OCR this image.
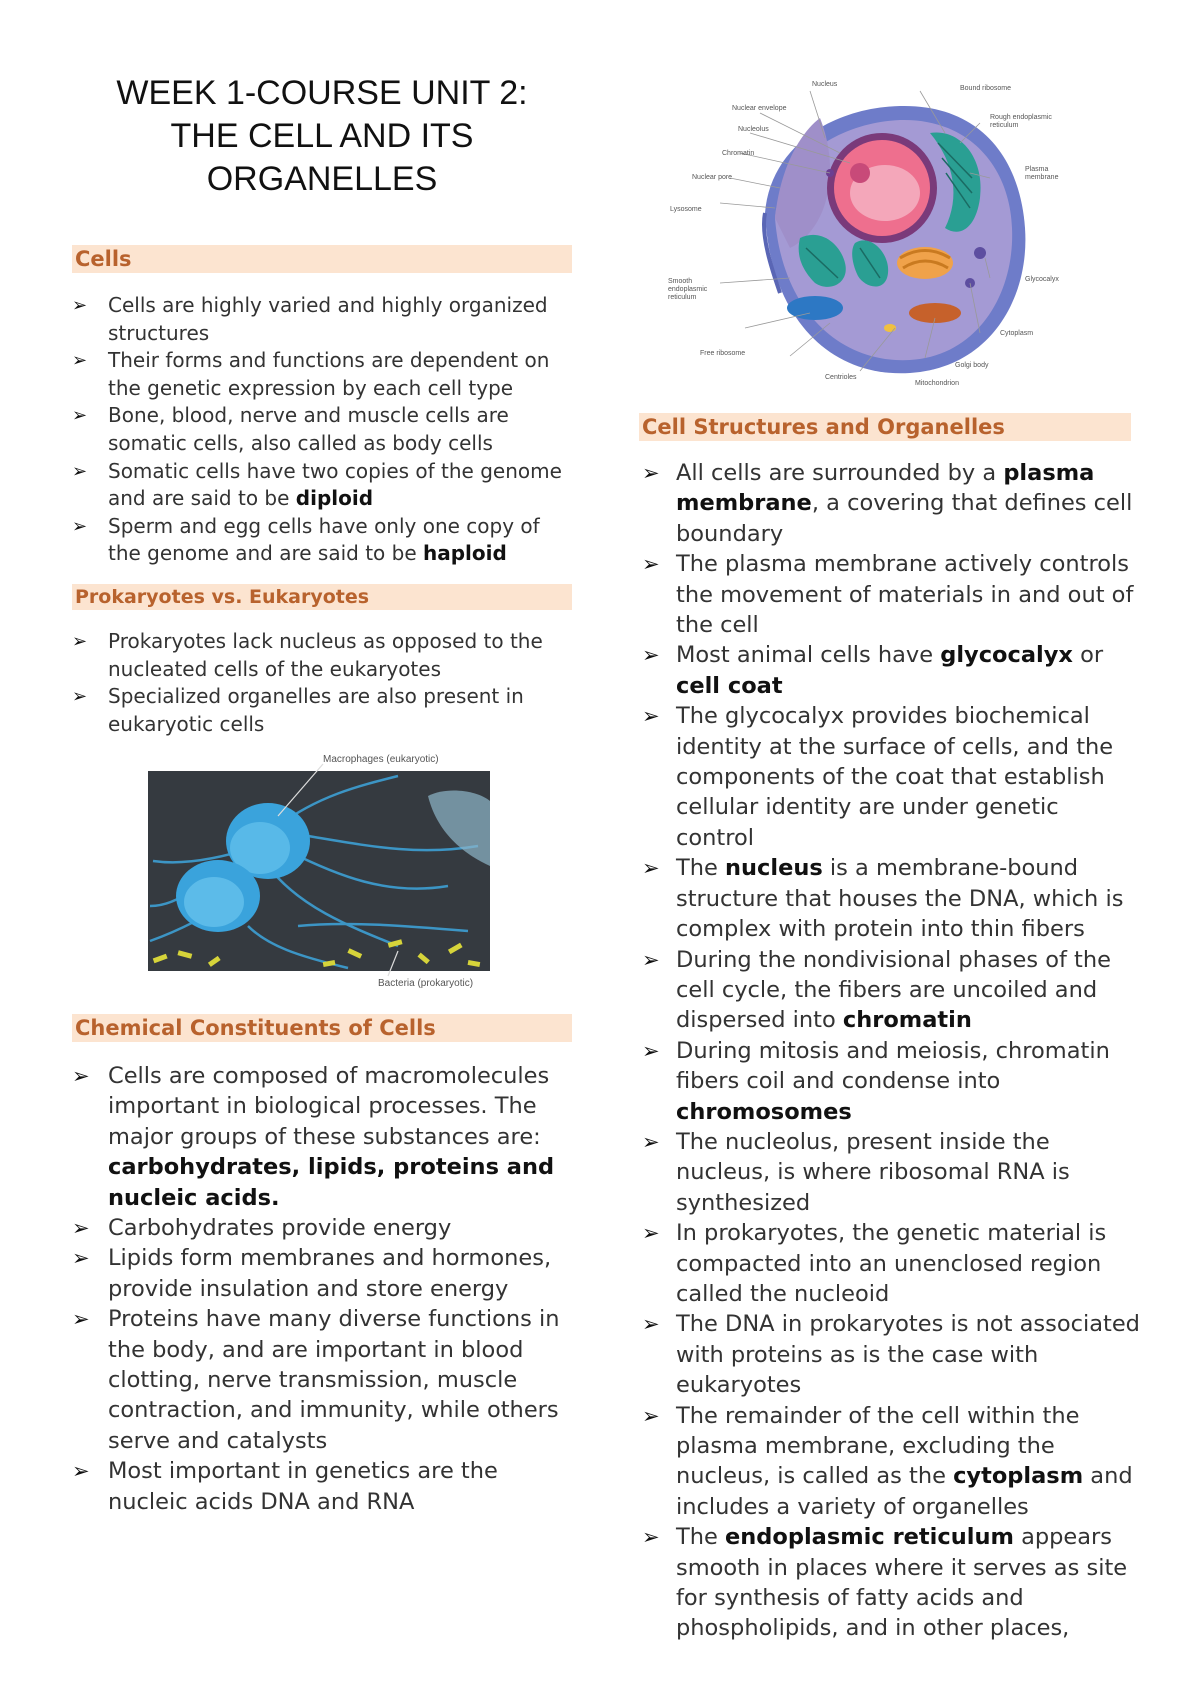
WEEK 1-COURSE UNIT 2:
THE CELL AND ITS
ORGANELLES
Cells
➢ Cells are highly varied and highly organized structures
➢ Their forms and functions are dependent on the genetic expression by each cell type
➢ Bone, blood, nerve and muscle cells are somatic cells, also called as body cells
➢ Somatic cells have two copies of the genome and are said to be diploid
➢ Sperm and egg cells have only one copy of the genome and are said to be haploid
Prokaryotes vs. Eukaryotes
➢ Prokaryotes lack nucleus as opposed to the nucleated cells of the eukaryotes
➢ Specialized organelles are also present in eukaryotic cells
Macrophages (eukaryotic)
Bacteria (prokaryotic)
Chemical Constituents of Cells
➢ Cells are composed of macromolecules important in biological processes. The major groups of these substances are: carbohydrates, lipids, proteins and nucleic acids.
➢ Carbohydrates provide energy
➢ Lipids form membranes and hormones, provide insulation and store energy
➢ Proteins have many diverse functions in the body, and are important in blood clotting, nerve transmission, muscle contraction, and immunity, while others serve and catalysts
➢ Most important in genetics are the nucleic acids DNA and RNA
Nucleus
Nuclear envelope
Nucleolus
Chromatin
Nuclear pore
Lysosome
Smooth endoplasmic reticulum
Free ribosome
Centrioles
Mitochondrion
Golgi body
Cytoplasm
Glycocalyx
Plasma membrane
Rough endoplasmic reticulum
Bound ribosome
Cell Structures and Organelles
➢ All cells are surrounded by a plasma membrane, a covering that defines cell boundary
➢ The plasma membrane actively controls the movement of materials in and out of the cell
➢ Most animal cells have glycocalyx or cell coat
➢ The glycocalyx provides biochemical identity at the surface of cells, and the components of the coat that establish cellular identity are under genetic control
➢ The nucleus is a membrane-bound structure that houses the DNA, which is complex with protein into thin fibers
➢ During the nondivisional phases of the cell cycle, the fibers are uncoiled and dispersed into chromatin
➢ During mitosis and meiosis, chromatin fibers coil and condense into chromosomes
➢ The nucleolus, present inside the nucleus, is where ribosomal RNA is synthesized
➢ In prokaryotes, the genetic material is compacted into an unenclosed region called the nucleoid
➢ The DNA in prokaryotes is not associated with proteins as is the case with eukaryotes
➢ The remainder of the cell within the plasma membrane, excluding the nucleus, is called as the cytoplasm and includes a variety of organelles
➢ The endoplasmic reticulum appears smooth in places where it serves as site for synthesis of fatty acids and phospholipids, and in other places,
